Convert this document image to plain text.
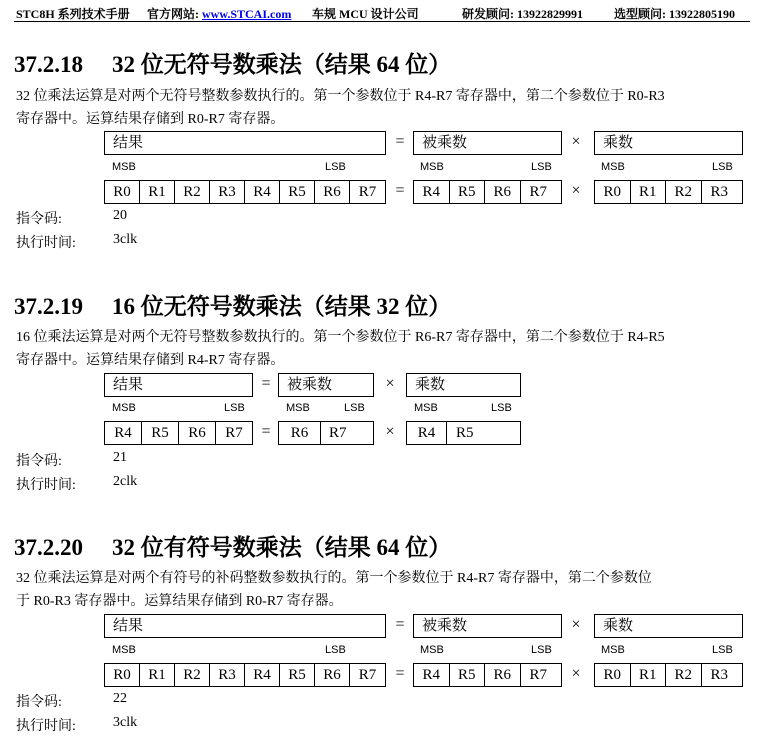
STC8H 系列技术手册 官方网站: www.STCAI.com 车规 MCU 设计公司	研发顾问: 13922829991	选型顾问: 13922805190
37.2.18 32 位无符号数乘法（结果 64 位）
32 位乘法运算是对两个无符号整数参数执行的。第一个参数位于 R4-R7 寄存器中，第二个参数位于 R0-R3
寄存器中。运算结果存储到 R0-R7 寄存器。
结果	=	被乘数	×	乘数
MSB	LSB	MSB	LSB	MSB	LSB
R0	R1	R2	R3	R4	R5	R6	R7	=	R4	R5	R6	R7	×	R0	R1	R2	R3
指令码:	20
执行时间:	3clk
37.2.19 16 位无符号数乘法（结果 32 位）
16 位乘法运算是对两个无符号整数参数执行的。第一个参数位于 R6-R7 寄存器中，第二个参数位于 R4-R5
寄存器中。运算结果存储到 R4-R7 寄存器。
结果	=	被乘数	×	乘数
MSB	LSB	MSB	LSB	MSB	LSB
R4	R5	R6	R7	=	R6	R7	×	R4	R5
指令码:	21
执行时间:	2clk
37.2.20 32 位有符号数乘法（结果 64 位）
32 位乘法运算是对两个有符号的补码整数参数执行的。第一个参数位于 R4-R7 寄存器中，第二个参数位
于 R0-R3 寄存器中。运算结果存储到 R0-R7 寄存器。
结果	=	被乘数	×	乘数
MSB	LSB	MSB	LSB	MSB	LSB
R0	R1	R2	R3	R4	R5	R6	R7	=	R4	R5	R6	R7	×	R0	R1	R2	R3
指令码:	22
执行时间:	3clk
